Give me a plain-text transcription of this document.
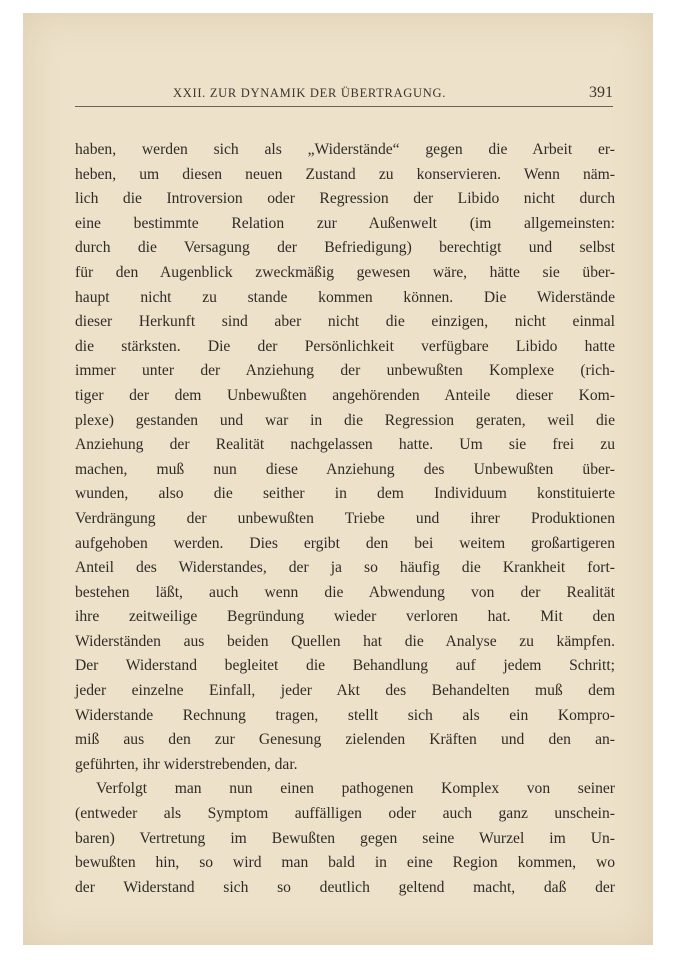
XXII. ZUR DYNAMIK DER ÜBERTRAGUNG.	391
haben, werden sich als „Widerstände“ gegen die Arbeit er-
heben, um diesen neuen Zustand zu konservieren. Wenn näm-
lich die Introversion oder Regression der Libido nicht durch
eine bestimmte Relation zur Außenwelt (im allgemeinsten:
durch die Versagung der Befriedigung) berechtigt und selbst
für den Augenblick zweckmäßig gewesen wäre, hätte sie über-
haupt nicht zu stande kommen können. Die Widerstände
dieser Herkunft sind aber nicht die einzigen, nicht einmal
die stärksten. Die der Persönlichkeit verfügbare Libido hatte
immer unter der Anziehung der unbewußten Komplexe (rich-
tiger der dem Unbewußten angehörenden Anteile dieser Kom-
plexe) gestanden und war in die Regression geraten, weil die
Anziehung der Realität nachgelassen hatte. Um sie frei zu
machen, muß nun diese Anziehung des Unbewußten über-
wunden, also die seither in dem Individuum konstituierte
Verdrängung der unbewußten Triebe und ihrer Produktionen
aufgehoben werden. Dies ergibt den bei weitem großartigeren
Anteil des Widerstandes, der ja so häufig die Krankheit fort-
bestehen läßt, auch wenn die Abwendung von der Realität
ihre zeitweilige Begründung wieder verloren hat. Mit den
Widerständen aus beiden Quellen hat die Analyse zu kämpfen.
Der Widerstand begleitet die Behandlung auf jedem Schritt;
jeder einzelne Einfall, jeder Akt des Behandelten muß dem
Widerstande Rechnung tragen, stellt sich als ein Kompro-
miß aus den zur Genesung zielenden Kräften und den an-
geführten, ihr widerstrebenden, dar.
Verfolgt man nun einen pathogenen Komplex von seiner
(entweder als Symptom auffälligen oder auch ganz unschein-
baren) Vertretung im Bewußten gegen seine Wurzel im Un-
bewußten hin, so wird man bald in eine Region kommen, wo
der Widerstand sich so deutlich geltend macht, daß der
